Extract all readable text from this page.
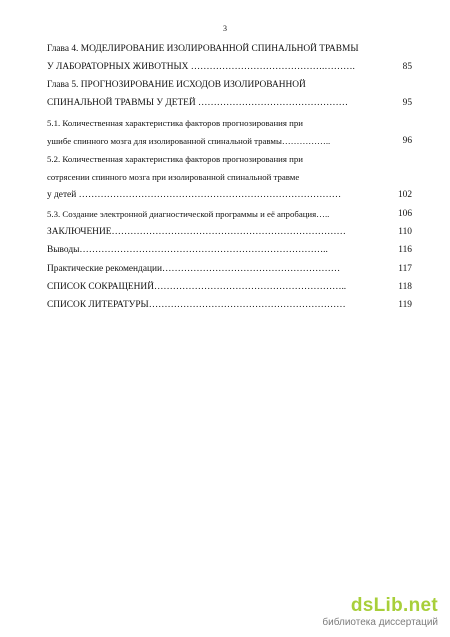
3
Глава 4. МОДЕЛИРОВАНИЕ ИЗОЛИРОВАННОЙ СПИНАЛЬНОЙ ТРАВМЫ
У ЛАБОРАТОРНЫХ ЖИВОТНЫХ …………………………………….……….	85
Глава 5. ПРОГНОЗИРОВАНИЕ ИСХОДОВ ИЗОЛИРОВАННОЙ
СПИНАЛЬНОЙ ТРАВМЫ У ДЕТЕЙ …………………………………………	95
5.1. Количественная характеристика факторов прогнозирования при
ушибе спинного мозга для изолированной спинальной травмы……………..	96
5.2. Количественная характеристика факторов прогнозирования при
сотрясении спинного мозга при изолированной спинальной травме
у детей …………………………………………………………………………	102
5.3. Создание электронной диагностической программы и её апробация…..	106
ЗАКЛЮЧЕНИЕ…………………………………………………………………	110
Выводы……………………………………………………………………..	116
Практические рекомендации…………………………………………………	117
СПИСОК СОКРАЩЕНИЙ……………………………………………………..	118
СПИСОК ЛИТЕРАТУРЫ………………………………………………………	119
dsLib.net
библиотека диссертаций
